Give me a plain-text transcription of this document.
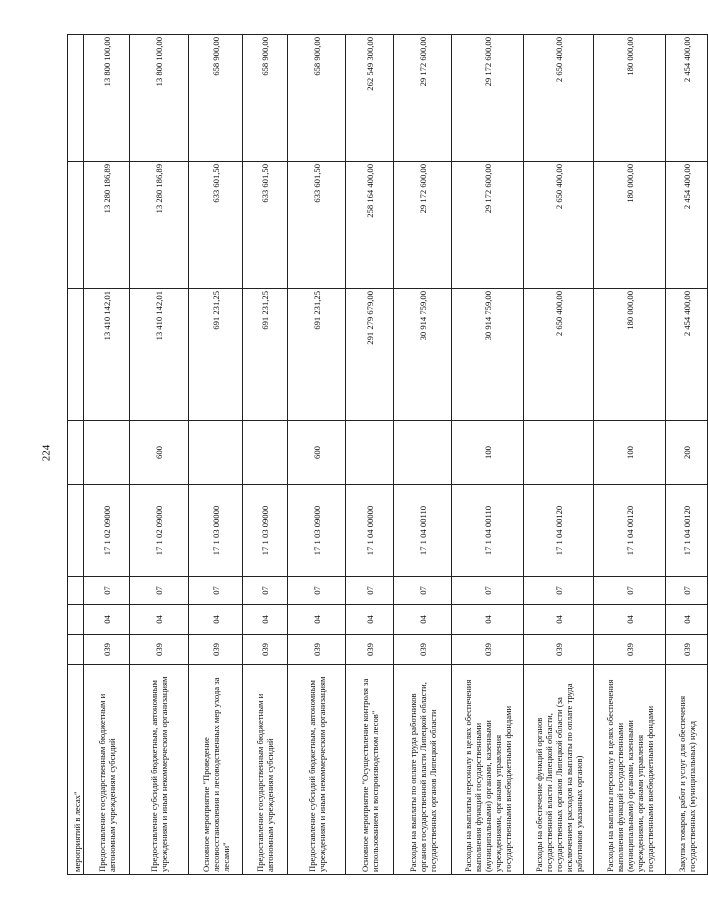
224
мероприятий в лесах"								
Предоставление государственным бюджетным и автономным учреждениям субсидий	039	04	07	17 1 02 09000		13 410 142,01	13 280 186,89	13 800 100,00
Предоставление субсидий бюджетным, автономным учреждениям и иным некоммерческим организациям	039	04	07	17 1 02 09000	600	13 410 142,01	13 280 186,89	13 800 100,00
Основное мероприятие "Проведение лесовосстановления и лесоводственных мер ухода за лесами"	039	04	07	17 1 03 00000		691 231,25	633 601,50	658 900,00
Предоставление государственным бюджетным и автономным учреждениям субсидий	039	04	07	17 1 03 09000		691 231,25	633 601,50	658 900,00
Предоставление субсидий бюджетным, автономным учреждениям и иным некоммерческим организациям	039	04	07	17 1 03 09000	600	691 231,25	633 601,50	658 900,00
Основное мероприятие "Осуществление контроля за использованием и воспроизводством лесов"	039	04	07	17 1 04 00000		291 279 679,00	258 164 400,00	262 549 300,00
Расходы на выплаты по оплате труда работников органов государственной власти Липецкой области, государственных органов Липецкой области	039	04	07	17 1 04 00110		30 914 759,00	29 172 600,00	29 172 600,00
Расходы на выплаты персоналу в целях обеспечения выполнения функций государственными (муниципальными) органами, казенными учреждениями, органами управления государственными внебюджетными фондами	039	04	07	17 1 04 00110	100	30 914 759,00	29 172 600,00	29 172 600,00
Расходы на обеспечение функций органов государственной власти Липецкой области, государственных органов Липецкой области (за исключением расходов на выплаты по оплате труда работников указанных органов)	039	04	07	17 1 04 00120		2 650 400,00	2 650 400,00	2 650 400,00
Расходы на выплаты персоналу в целях обеспечения выполнения функций государственными (муниципальными) органами, казенными учреждениями, органами управления государственными внебюджетными фондами	039	04	07	17 1 04 00120	100	180 000,00	180 000,00	180 000,00
Закупка товаров, работ и услуг для обеспечения государственных (муниципальных) нужд	039	04	07	17 1 04 00120	200	2 454 400,00	2 454 400,00	2 454 400,00
